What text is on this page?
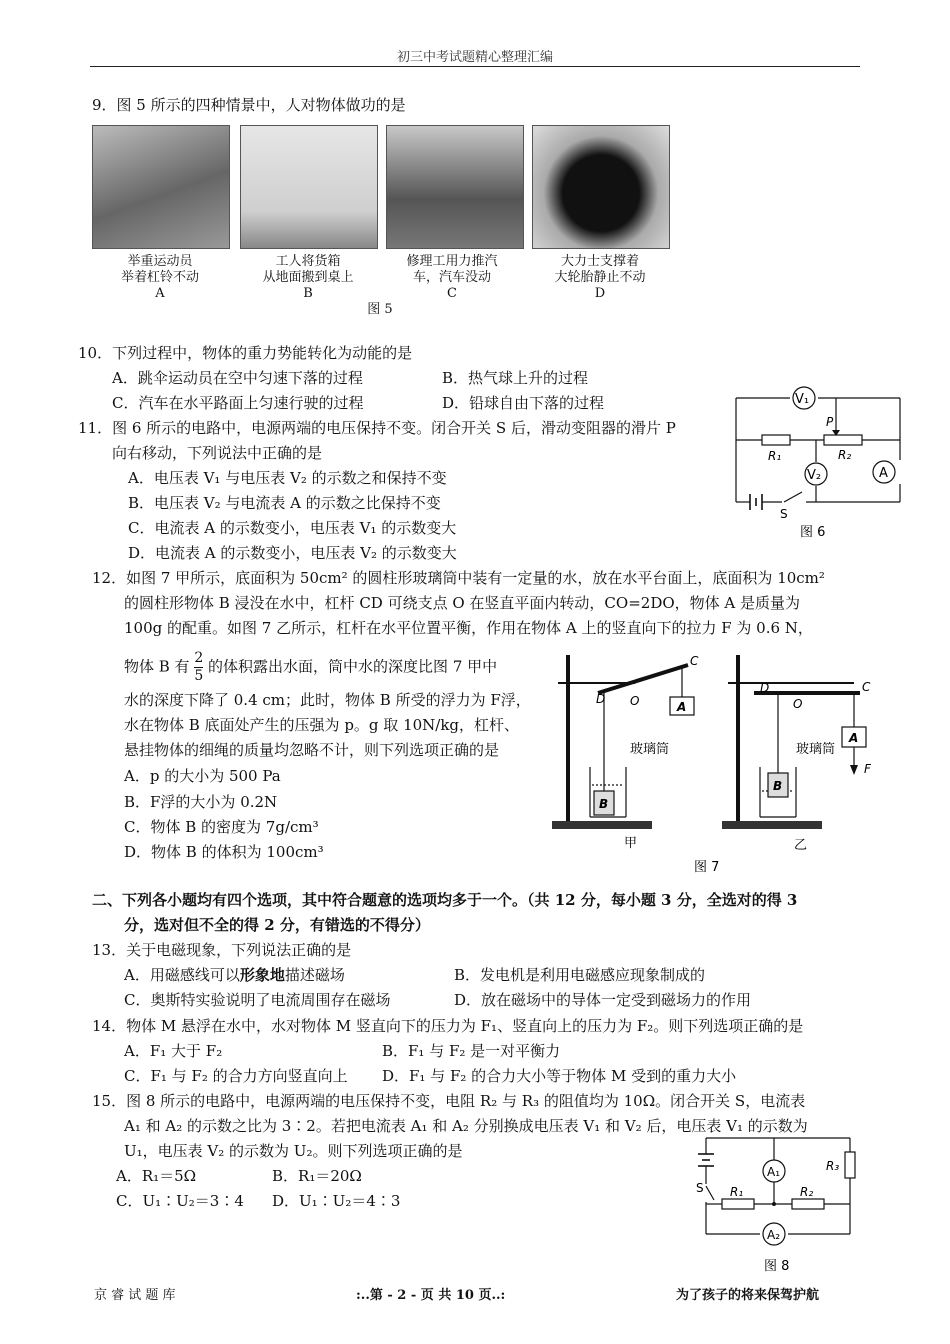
初三中考试题精心整理汇编
9．图 5 所示的四种情景中，人对物体做功的是
举重运动员
举着杠铃不动
A
工人将货箱
从地面搬到桌上
B
修理工用力推汽
车，汽车没动
C
大力士支撑着
大轮胎静止不动
D
图 5
10．下列过程中，物体的重力势能转化为动能的是
A．跳伞运动员在空中匀速下落的过程	B．热气球上升的过程
C．汽车在水平路面上匀速行驶的过程	D．铅球自由下落的过程
11．图 6 所示的电路中，电源两端的电压保持不变。闭合开关 S 后，滑动变阻器的滑片 P
向右移动，下列说法中正确的是
A．电压表 V₁ 与电压表 V₂ 的示数之和保持不变
B．电压表 V₂ 与电流表 A 的示数之比保持不变
C．电流表 A 的示数变小，电压表 V₁ 的示数变大
D．电流表 A 的示数变小，电压表 V₂ 的示数变大
V₁
V₂	A
P
R₁	R₂
S
图 6
12．如图 7 甲所示，底面积为 50cm² 的圆柱形玻璃筒中装有一定量的水，放在水平台面上，底面积为 10cm²
的圆柱形物体 B 浸没在水中，杠杆 CD 可绕支点 O 在竖直平面内转动，CO=2DO，物体 A 是质量为
100g 的配重。如图 7 乙所示，杠杆在水平位置平衡，作用在物体 A 上的竖直向下的拉力 F 为 0.6 N，
物体 B 有 $\frac{2}{5}$ 的体积露出水面，筒中水的深度比图 7 甲中
水的深度下降了 0.4 cm；此时，物体 B 所受的浮力为 F浮，
水在物体 B 底面处产生的压强为 p。g 取 10N/kg，杠杆、
悬挂物体的细绳的质量均忽略不计，则下列选项正确的是
A．p 的大小为 500 Pa
B．F浮的大小为 0.2N
C．物体 B 的密度为 7g/cm³
D．物体 B 的体积为 100cm³
C
D O	A
B
玻璃筒
D	C
O
A
B
F
玻璃筒
甲	乙
图 7
二、下列各小题均有四个选项，其中符合题意的选项均多于一个。（共 12 分，每小题 3 分，全选对的得 3
分，选对但不全的得 2 分，有错选的不得分）
13．关于电磁现象，下列说法正确的是
A．用磁感线可以形象地描述磁场	B．发电机是利用电磁感应现象制成的
C．奥斯特实验说明了电流周围存在磁场	D．放在磁场中的导体一定受到磁场力的作用
14．物体 M 悬浮在水中，水对物体 M 竖直向下的压力为 F₁、竖直向上的压力为 F₂。则下列选项正确的是
A．F₁ 大于 F₂	B．F₁ 与 F₂ 是一对平衡力
C．F₁ 与 F₂ 的合力方向竖直向上 D．F₁ 与 F₂ 的合力大小等于物体 M 受到的重力大小
15．图 8 所示的电路中，电源两端的电压保持不变，电阻 R₂ 与 R₃ 的阻值均为 10Ω。闭合开关 S，电流表
A₁ 和 A₂ 的示数之比为 3∶2。若把电流表 A₁ 和 A₂ 分别换成电压表 V₁ 和 V₂ 后，电压表 V₁ 的示数为
U₁，电压表 V₂ 的示数为 U₂。则下列选项正确的是
A．R₁＝5Ω	B．R₁＝20Ω
C．U₁∶U₂＝3∶4 D．U₁∶U₂＝4∶3
A₁
A₂
R₁	R₂
R₃
S
图 8
京 睿 试 题 库	:..第 - 2 - 页 共 10 页..:	为了孩子的将来保驾护航
